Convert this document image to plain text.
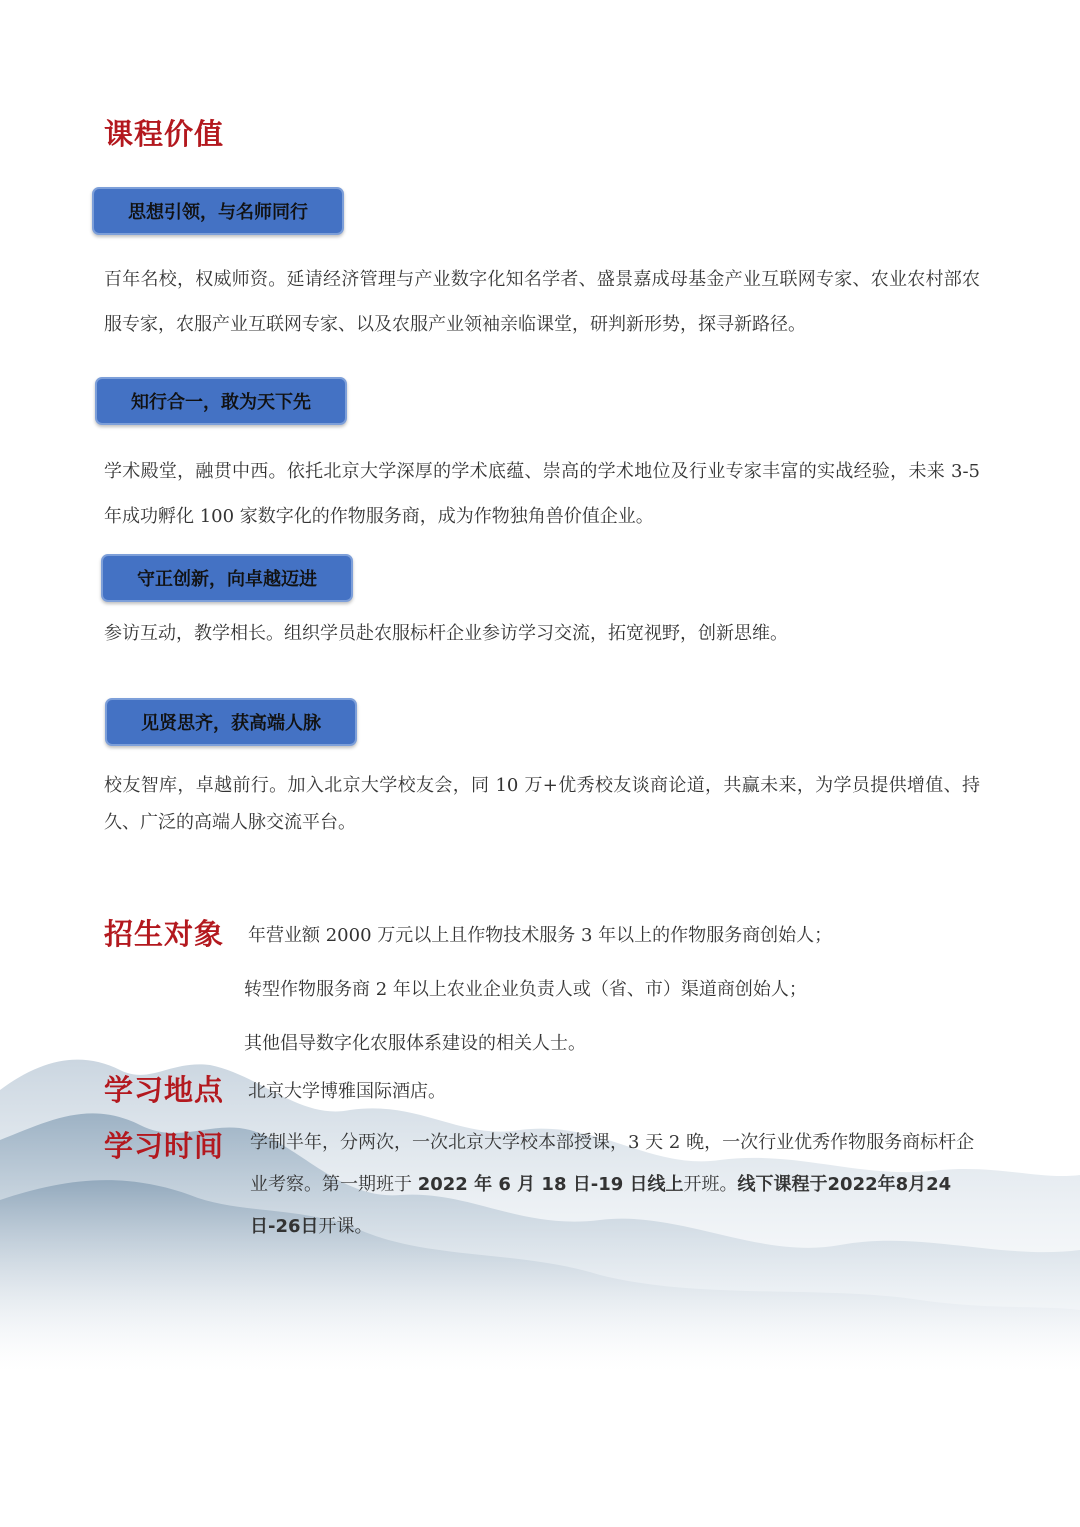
课程价值
思想引领，与名师同行
百年名校，权威师资。延请经济管理与产业数字化知名学者、盛景嘉成母基金产业互联网专家、农业农村部农服专家，农服产业互联网专家、以及农服产业领袖亲临课堂，研判新形势，探寻新路径。
知行合一，敢为天下先
学术殿堂，融贯中西。依托北京大学深厚的学术底蕴、崇高的学术地位及行业专家丰富的实战经验，未来 3-5 年成功孵化 100 家数字化的作物服务商，成为作物独角兽价值企业。
守正创新，向卓越迈进
参访互动，教学相长。组织学员赴农服标杆企业参访学习交流，拓宽视野，创新思维。
见贤思齐，获高端人脉
校友智库，卓越前行。加入北京大学校友会，同 10 万+优秀校友谈商论道，共赢未来，为学员提供增值、持久、广泛的高端人脉交流平台。
招生对象 年营业额 2000 万元以上且作物技术服务 3 年以上的作物服务商创始人；
转型作物服务商 2 年以上农业企业负责人或（省、市）渠道商创始人；
其他倡导数字化农服体系建设的相关人士。
学习地点 北京大学博雅国际酒店。
学习时间 学制半年，分两次，一次北京大学校本部授课，3 天 2 晚，一次行业优秀作物服务商标杆企业考察。第一期班于 2022 年 6 月 18 日-19 日线上开班。线下课程于2022年8月24日-26日开课。
